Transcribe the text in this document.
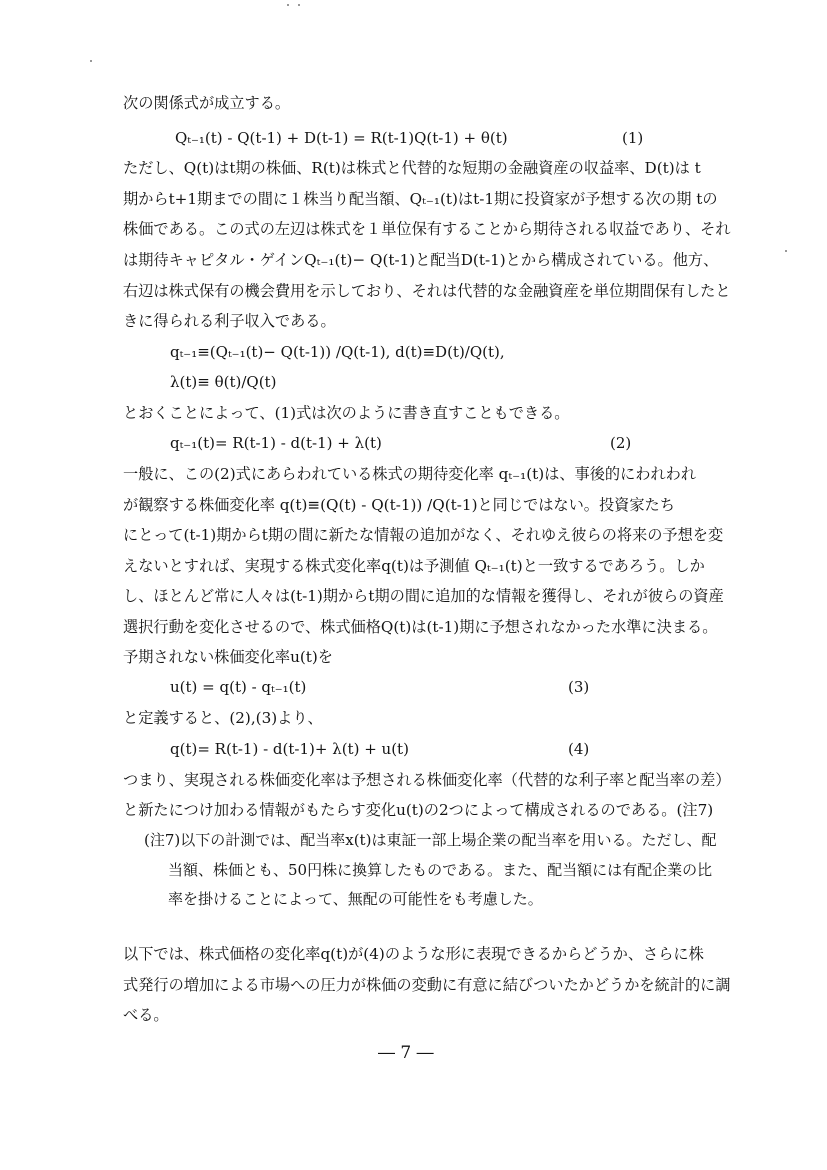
次の関係式が成立する。
Qₜ₋₁(t) ‐ Q(t-1) + D(t-1) = R(t-1)Q(t-1) + θ(t)	(1)
ただし、Q(t)はt期の株価、R(t)は株式と代替的な短期の金融資産の収益率、D(t)は t
期からt+1期までの間に１株当り配当額、Qₜ₋₁(t)はt-1期に投資家が予想する次の期 tの
株価である。この式の左辺は株式を１単位保有することから期待される収益であり、それ
は期待キャピタル・ゲインQₜ₋₁(t)− Q(t-1)と配当D(t-1)とから構成されている。他方、
右辺は株式保有の機会費用を示しており、それは代替的な金融資産を単位期間保有したと
きに得られる利子収入である。
qₜ₋₁≡(Qₜ₋₁(t)− Q(t-1)) /Q(t-1), d(t)≡D(t)/Q(t),
λ(t)≡ θ(t)/Q(t)
とおくことによって、(1)式は次のように書き直すこともできる。
qₜ₋₁(t)= R(t-1) ‐ d(t-1) + λ(t)	(2)
一般に、この(2)式にあらわれている株式の期待変化率 qₜ₋₁(t)は、事後的にわれわれ
が観察する株価変化率 q(t)≡(Q(t) ‐ Q(t-1)) /Q(t-1)と同じではない。投資家たち
にとって(t-1)期からt期の間に新たな情報の追加がなく、それゆえ彼らの将来の予想を変
えないとすれば、実現する株式変化率q(t)は予測値 Qₜ₋₁(t)と一致するであろう。しか
し、ほとんど常に人々は(t-1)期からt期の間に追加的な情報を獲得し、それが彼らの資産
選択行動を変化させるので、株式価格Q(t)は(t-1)期に予想されなかった水準に決まる。
予期されない株価変化率u(t)を
u(t) = q(t) ‐ qₜ₋₁(t)	(3)
と定義すると、(2),(3)より、
q(t)= R(t-1) ‐ d(t-1)+ λ(t) + u(t)	(4)
つまり、実現される株価変化率は予想される株価変化率（代替的な利子率と配当率の差）
と新たにつけ加わる情報がもたらす変化u(t)の2つによって構成されるのである。(注7)
(注7)以下の計測では、配当率x(t)は東証一部上場企業の配当率を用いる。ただし、配
当額、株価とも、50円株に換算したものである。また、配当額には有配企業の比
率を掛けることによって、無配の可能性をも考慮した。
以下では、株式価格の変化率q(t)が(4)のような形に表現できるからどうか、さらに株
式発行の増加による市場への圧力が株価の変動に有意に結びついたかどうかを統計的に調
べる。
― 7 ―
